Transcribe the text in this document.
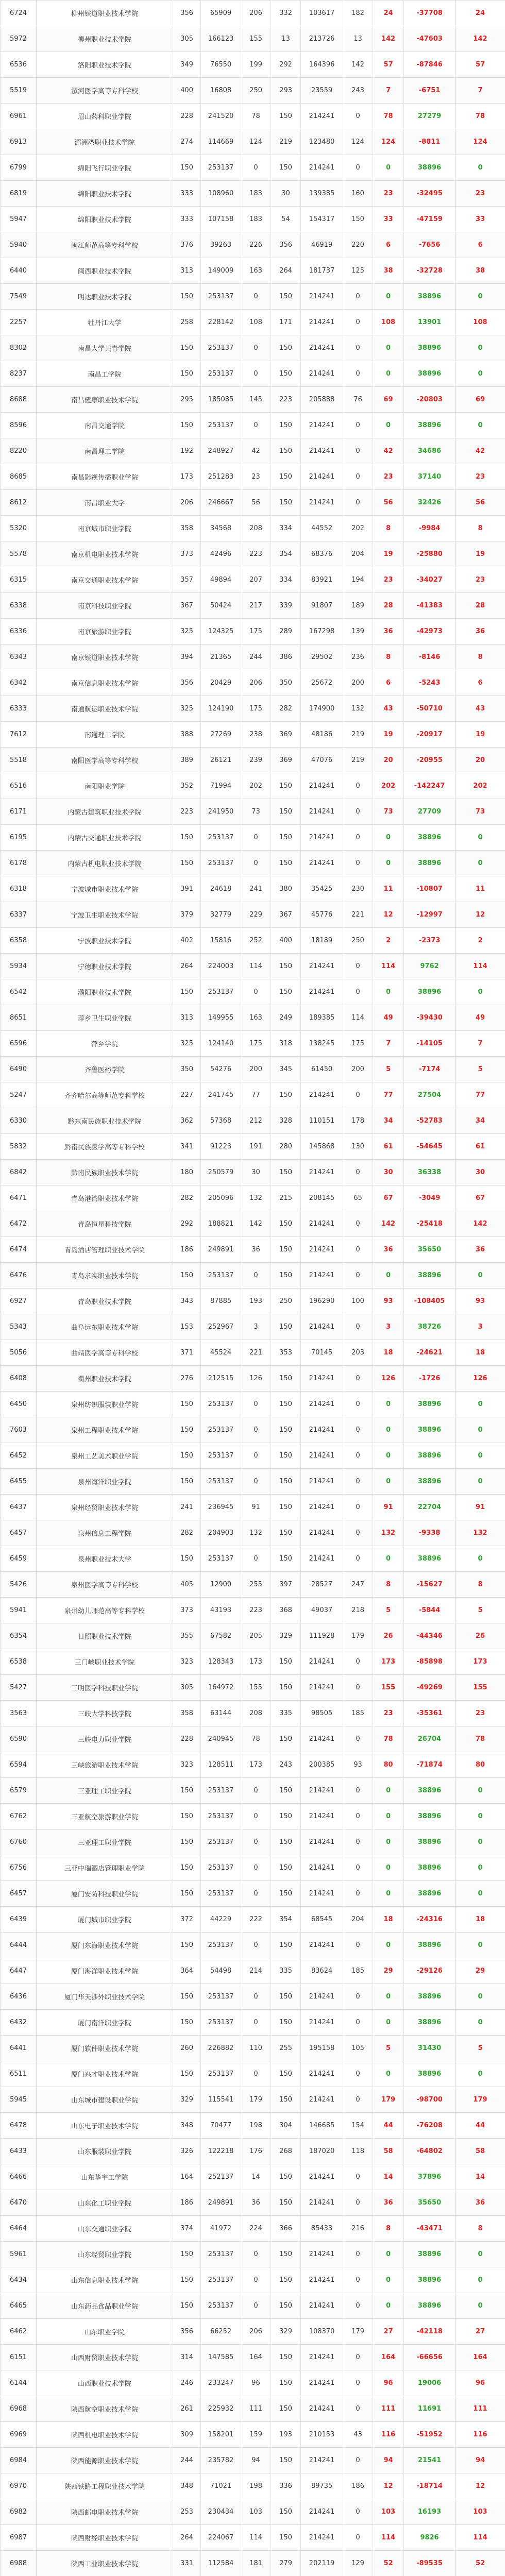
6724	柳州铁道职业技术学院	356	65909	206	332	103617	182	24	-37708	24
5972	柳州职业技术学院	305	166123	155	13	213726	13	142	-47603	142
6536	洛阳职业技术学院	349	76550	199	292	164396	142	57	-87846	57
5519	漯河医学高等专科学校	400	16808	250	293	23559	243	7	-6751	7
6961	眉山药科职业学院	228	241520	78	150	214241	0	78	27279	78
6913	湄洲湾职业技术学院	274	114669	124	219	123480	124	124	-8811	124
6799	绵阳飞行职业学院	150	253137	0	150	214241	0	0	38896	0
6819	绵阳职业技术学院	333	108960	183	30	139385	160	23	-32495	23
5947	绵阳职业技术学院	333	107158	183	54	154317	150	33	-47159	33
5940	闽江师范高等专科学校	376	39263	226	356	46919	220	6	-7656	6
6440	闽西职业技术学院	313	149009	163	264	181737	125	38	-32728	38
7549	明达职业技术学院	150	253137	0	150	214241	0	0	38896	0
2257	牡丹江大学	258	228142	108	171	214241	0	108	13901	108
8302	南昌大学共青学院	150	253137	0	150	214241	0	0	38896	0
8237	南昌工学院	150	253137	0	150	214241	0	0	38896	0
8688	南昌健康职业技术学院	295	185085	145	223	205888	76	69	-20803	69
8596	南昌交通学院	150	253137	0	150	214241	0	0	38896	0
8220	南昌理工学院	192	248927	42	150	214241	0	42	34686	42
8685	南昌影视传播职业学院	173	251283	23	150	214241	0	23	37140	23
8612	南昌职业大学	206	246667	56	150	214241	0	56	32426	56
5320	南京城市职业学院	358	34568	208	334	44552	202	8	-9984	8
5578	南京机电职业技术学院	373	42496	223	354	68376	204	19	-25880	19
6315	南京交通职业技术学院	357	49894	207	334	83921	194	23	-34027	23
6338	南京科技职业学院	367	50424	217	339	91807	189	28	-41383	28
6336	南京旅游职业学院	325	124325	175	289	167298	139	36	-42973	36
6343	南京铁道职业技术学院	394	21365	244	386	29502	236	8	-8146	8
6342	南京信息职业技术学院	356	20429	206	350	25672	200	6	-5243	6
6333	南通航运职业技术学院	325	124190	175	282	174900	132	43	-50710	43
7612	南通理工学院	388	27269	238	369	48186	219	19	-20917	19
5518	南阳医学高等专科学校	389	26121	239	369	47076	219	20	-20955	20
6516	南阳职业学院	352	71994	202	150	214241	0	202	-142247	202
6171	内蒙古建筑职业技术学院	223	241950	73	150	214241	0	73	27709	73
6195	内蒙古交通职业技术学院	150	253137	0	150	214241	0	0	38896	0
6178	内蒙古机电职业技术学院	150	253137	0	150	214241	0	0	38896	0
6318	宁波城市职业技术学院	391	24618	241	380	35425	230	11	-10807	11
6337	宁波卫生职业技术学院	379	32779	229	367	45776	221	12	-12997	12
6358	宁波职业技术学院	402	15816	252	400	18189	250	2	-2373	2
5934	宁德职业技术学院	264	224003	114	150	214241	0	114	9762	114
6542	濮阳职业技术学院	150	253137	0	150	214241	0	0	38896	0
8651	萍乡卫生职业学院	313	149955	163	249	189385	114	49	-39430	49
6596	萍乡学院	325	124140	175	318	138245	175	7	-14105	7
6490	齐鲁医药学院	350	54276	200	345	61450	200	5	-7174	5
5247	齐齐哈尔高等师范专科学校	227	241745	77	150	214241	0	77	27504	77
6330	黔东南民族职业技术学院	362	57368	212	328	110151	178	34	-52783	34
5832	黔南民族医学高等专科学校	341	91223	191	280	145868	130	61	-54645	61
6842	黔南民族职业技术学院	180	250579	30	150	214241	0	30	36338	30
6471	青岛港湾职业技术学院	282	205096	132	215	208145	65	67	-3049	67
6472	青岛恒星科技学院	292	188821	142	150	214241	0	142	-25418	142
6474	青岛酒店管理职业技术学院	186	249891	36	150	214241	0	36	35650	36
6476	青岛求实职业技术学院	150	253137	0	150	214241	0	0	38896	0
6927	青岛职业技术学院	343	87885	193	250	196290	100	93	-108405	93
5343	曲阜远东职业技术学院	153	252967	3	150	214241	0	3	38726	3
5056	曲靖医学高等专科学校	371	45524	221	353	70145	203	18	-24621	18
6408	衢州职业技术学院	276	212515	126	150	214241	0	126	-1726	126
6450	泉州纺织服装职业学院	150	253137	0	150	214241	0	0	38896	0
7603	泉州工程职业技术学院	150	253137	0	150	214241	0	0	38896	0
6452	泉州工艺美术职业学院	150	253137	0	150	214241	0	0	38896	0
6455	泉州海洋职业学院	150	253137	0	150	214241	0	0	38896	0
6437	泉州经贸职业技术学院	241	236945	91	150	214241	0	91	22704	91
6457	泉州信息工程学院	282	204903	132	150	214241	0	132	-9338	132
6459	泉州职业技术大学	150	253137	0	150	214241	0	0	38896	0
5426	泉州医学高等专科学校	405	12900	255	397	28527	247	8	-15627	8
5941	泉州幼儿师范高等专科学校	373	43193	223	368	49037	218	5	-5844	5
6354	日照职业技术学院	355	67582	205	329	111928	179	26	-44346	26
6538	三门峡职业技术学院	323	128343	173	150	214241	0	173	-85898	173
5427	三明医学科技职业学院	305	164972	155	150	214241	0	155	-49269	155
3563	三峡大学科技学院	358	63144	208	335	98505	185	23	-35361	23
6590	三峡电力职业学院	228	240945	78	150	214241	0	78	26704	78
6594	三峡旅游职业技术学院	323	128511	173	243	200385	93	80	-71874	80
6579	三亚理工职业学院	150	253137	0	150	214241	0	0	38896	0
6762	三亚航空旅游职业学院	150	253137	0	150	214241	0	0	38896	0
6760	三亚理工职业学院	150	253137	0	150	214241	0	0	38896	0
6756	三亚中瑞酒店管理职业学院	150	253137	0	150	214241	0	0	38896	0
6457	厦门安防科技职业学院	150	253137	0	150	214241	0	0	38896	0
6439	厦门城市职业学院	372	44229	222	354	68545	204	18	-24316	18
6444	厦门东海职业技术学院	150	253137	0	150	214241	0	0	38896	0
6447	厦门海洋职业技术学院	364	54498	214	335	83624	185	29	-29126	29
6436	厦门华天涉外职业技术学院	150	253137	0	150	214241	0	0	38896	0
6432	厦门南洋职业学院	150	253137	0	150	214241	0	0	38896	0
6441	厦门软件职业技术学院	260	226882	110	255	195158	105	5	31430	5
6511	厦门兴才职业技术学院	150	253137	0	150	214241	0	0	38896	0
5945	山东城市建设职业学院	329	115541	179	150	214241	0	179	-98700	179
6478	山东电子职业技术学院	348	70477	198	304	146685	154	44	-76208	44
6433	山东服装职业学院	326	122218	176	268	187020	118	58	-64802	58
6466	山东华宇工学院	164	252137	14	150	214241	0	14	37896	14
6470	山东化工职业学院	186	249891	36	150	214241	0	36	35650	36
6464	山东交通职业学院	374	41972	224	366	85433	216	8	-43471	8
5961	山东经贸职业学院	150	253137	0	150	214241	0	0	38896	0
6434	山东信息职业技术学院	150	253137	0	150	214241	0	0	38896	0
6465	山东药品食品职业学院	150	253137	0	150	214241	0	0	38896	0
6462	山东职业学院	356	66252	206	329	108370	179	27	-42118	27
6151	山西财贸职业技术学院	314	147585	164	150	214241	0	164	-66656	164
6144	山西职业技术学院	246	233247	96	150	214241	0	96	19006	96
6968	陕西航空职业技术学院	261	225932	111	150	214241	0	111	11691	111
6969	陕西机电职业技术学院	309	158201	159	193	210153	43	116	-51952	116
6984	陕西能源职业技术学院	244	235782	94	150	214241	0	94	21541	94
6970	陕西铁路工程职业技术学院	348	71021	198	336	89735	186	12	-18714	12
6982	陕西邮电职业技术学院	253	230434	103	150	214241	0	103	16193	103
6987	陕西财经职业技术学院	264	224067	114	150	214241	0	114	9826	114
6988	陕西工业职业技术学院	331	112584	181	279	202119	129	52	-89535	52
